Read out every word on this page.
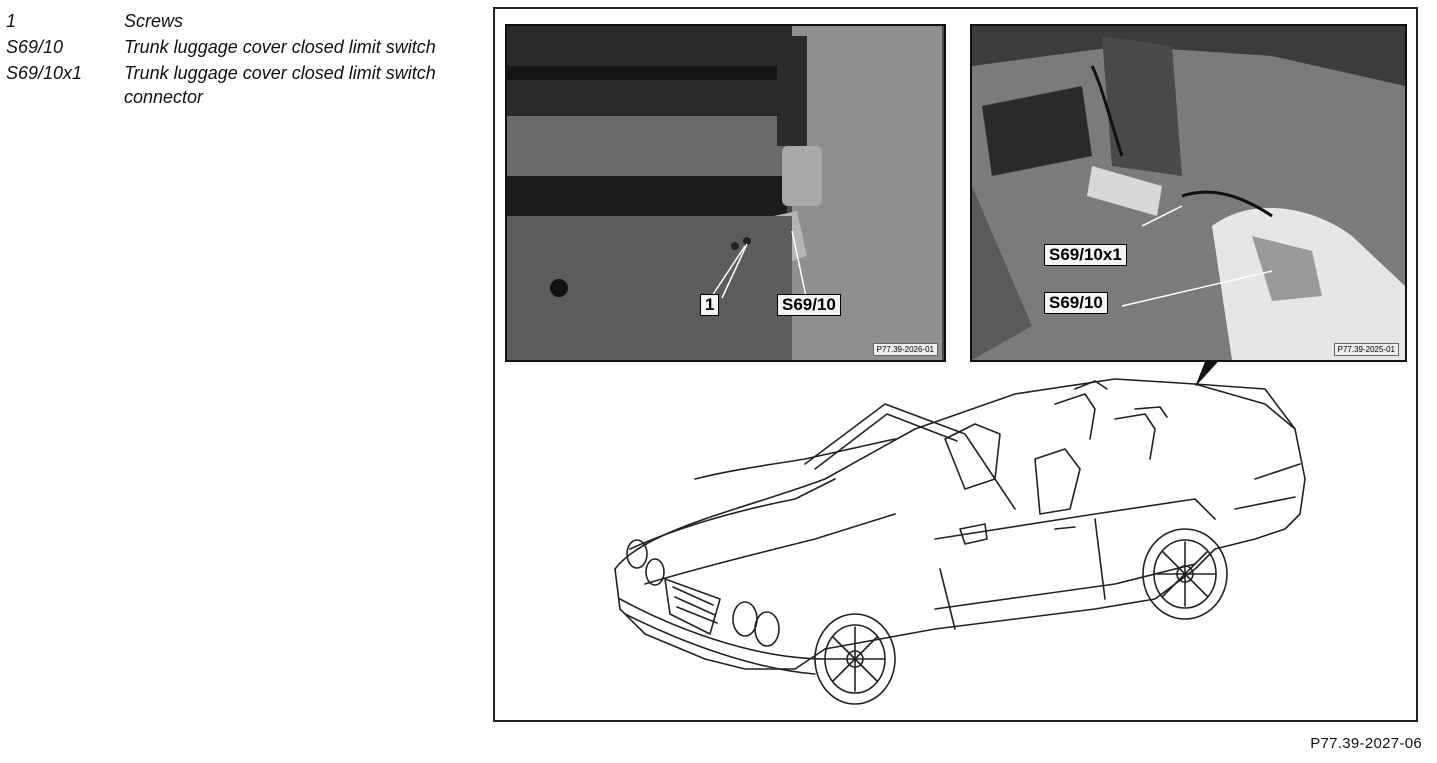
1	Screws
S69/10	Trunk luggage cover closed limit switch
S69/10x1	Trunk luggage cover closed limit switch connector
1	S69/10
P77.39-2026-01
S69/10x1
S69/10
P77.39-2025-01
P77.39-2027-06
